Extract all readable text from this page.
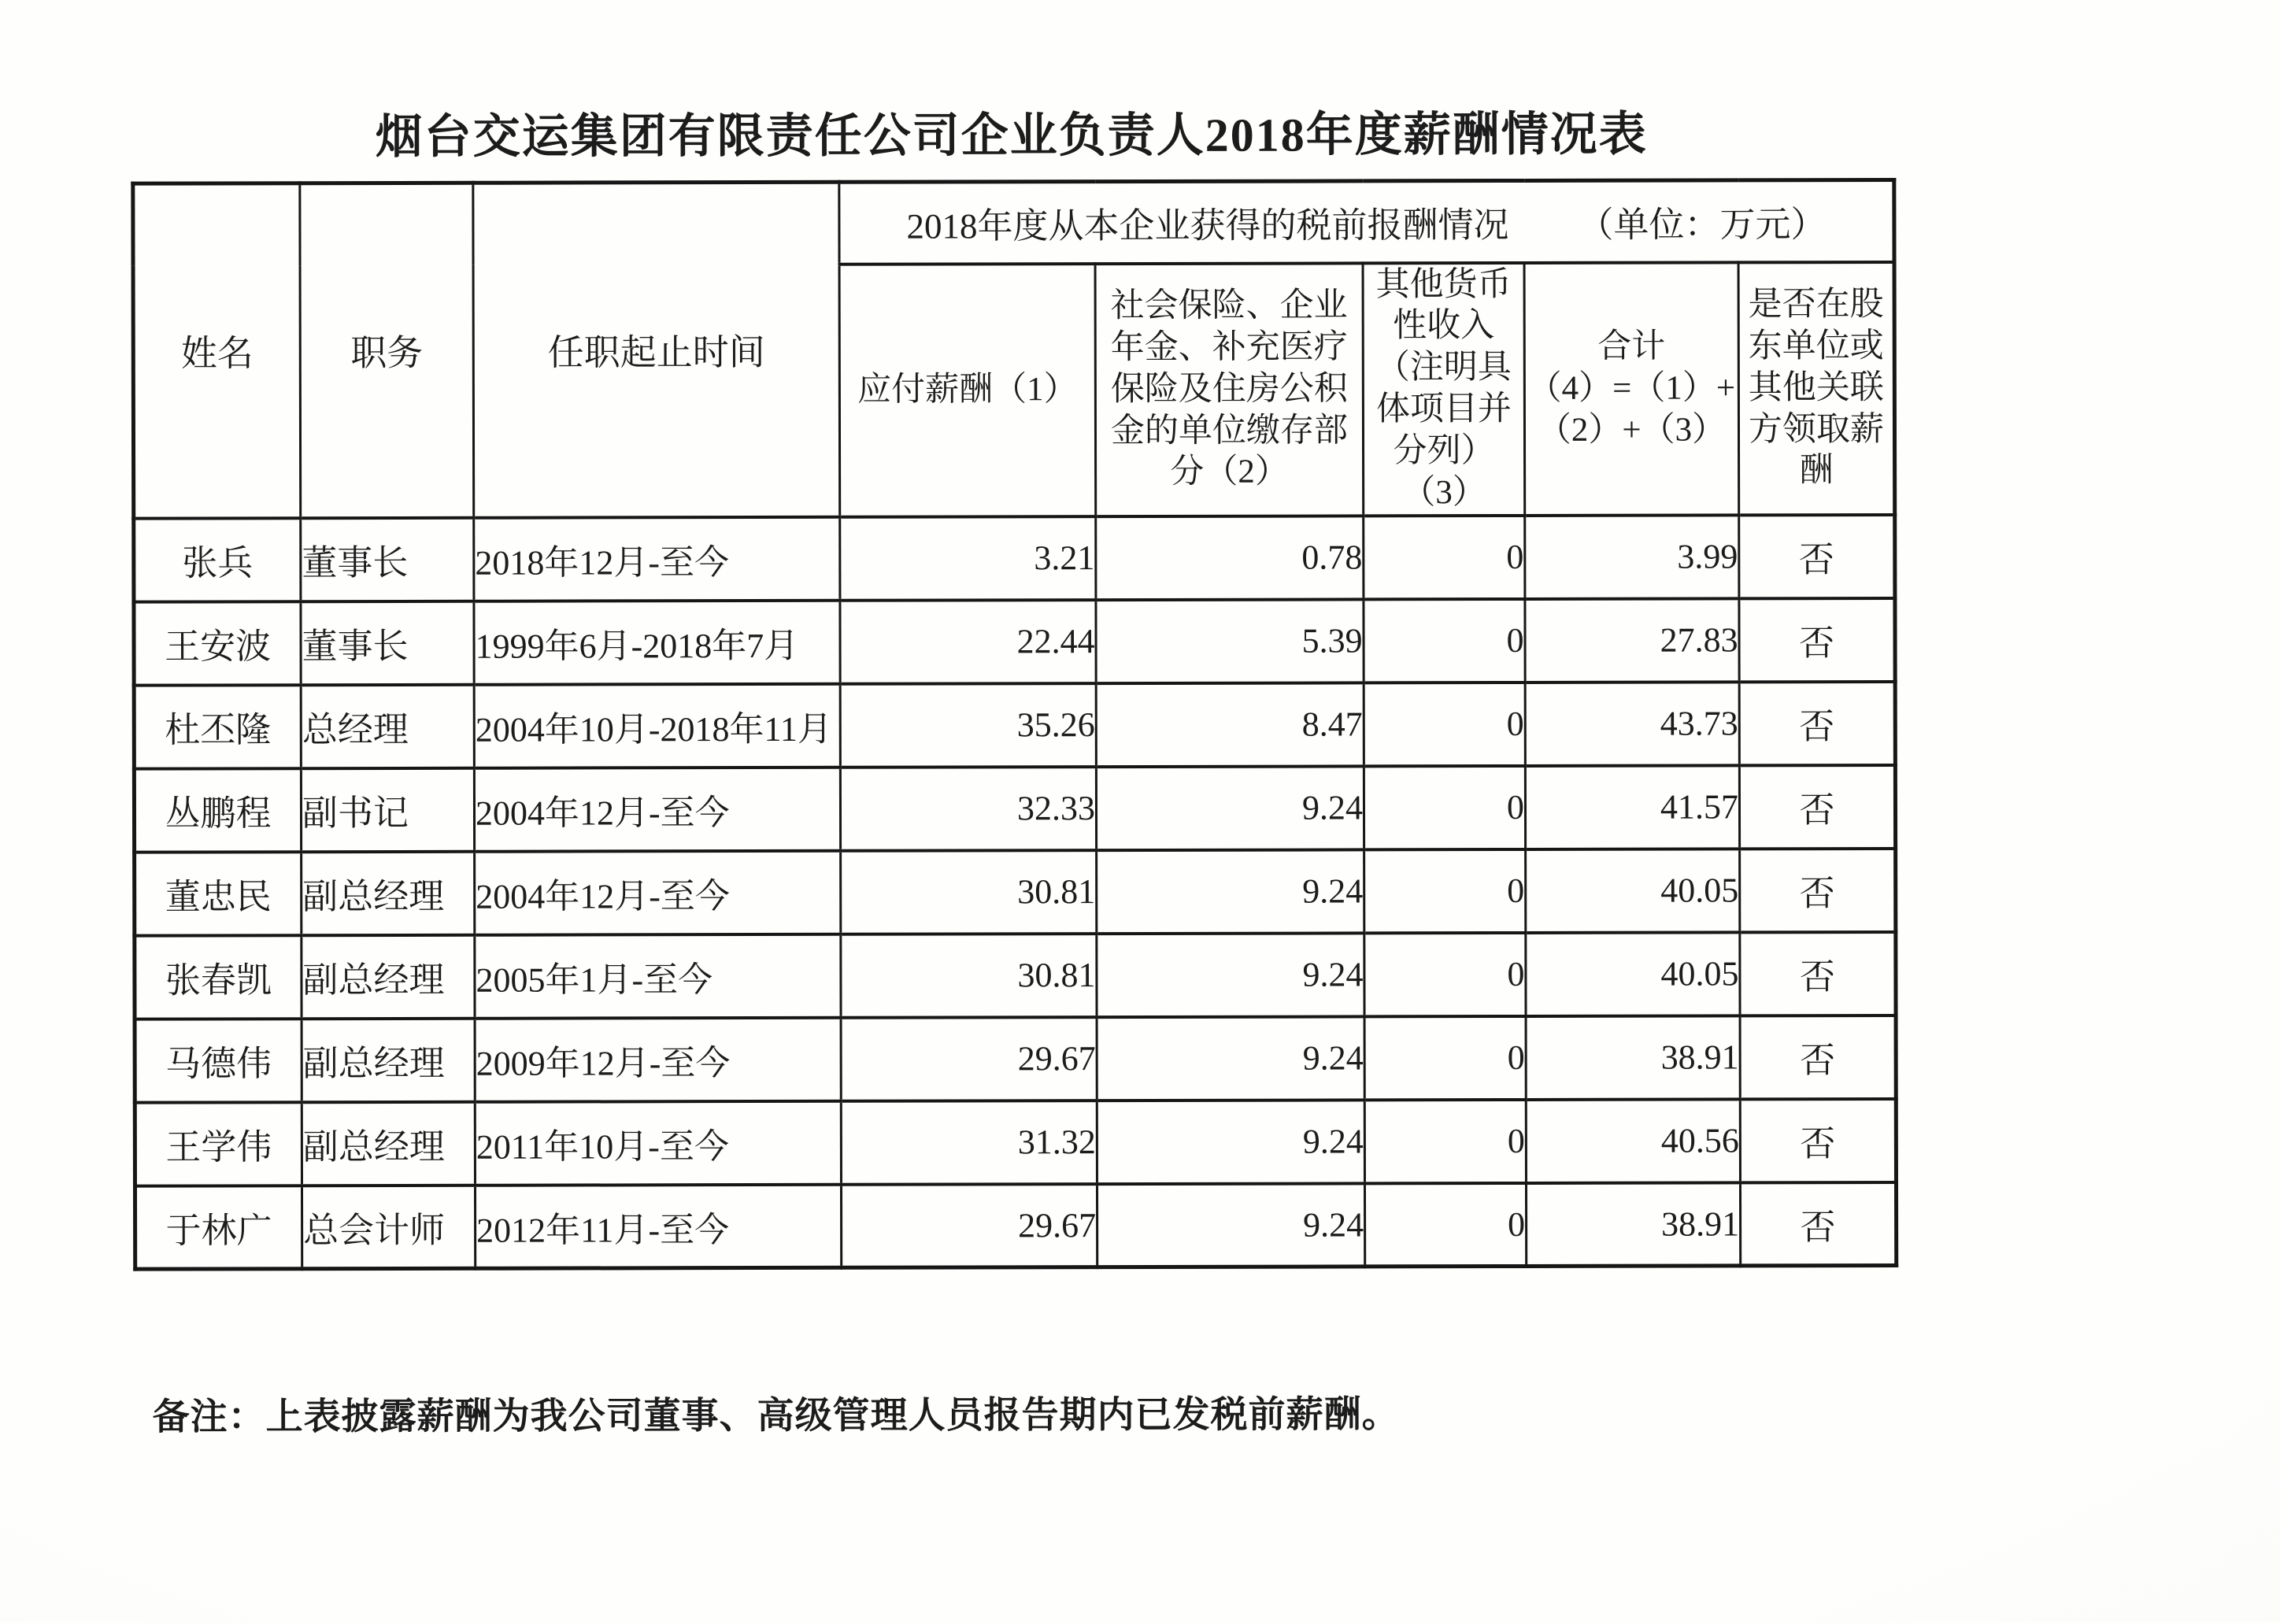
烟台交运集团有限责任公司企业负责人2018年度薪酬情况表
姓名	职务	任职起止时间	2018年度从本企业获得的税前报酬情况 （单位：万元）				
应付薪酬（1）	社会保险、企业
年金、补充医疗
保险及住房公积
金的单位缴存部
分（2）	其他货币
性收入
（注明具
体项目并
分列）
（3）	合计
（4）=（1）+
（2）+（3）	是否在股
东单位或
其他关联
方领取薪
酬
张兵	董事长	2018年12月-至今	3.21	0.78	0	3.99	否
王安波	董事长	1999年6月-2018年7月	22.44	5.39	0	27.83	否
杜丕隆	总经理	2004年10月-2018年11月	35.26	8.47	0	43.73	否
丛鹏程	副书记	2004年12月-至今	32.33	9.24	0	41.57	否
董忠民	副总经理	2004年12月-至今	30.81	9.24	0	40.05	否
张春凯	副总经理	2005年1月-至今	30.81	9.24	0	40.05	否
马德伟	副总经理	2009年12月-至今	29.67	9.24	0	38.91	否
王学伟	副总经理	2011年10月-至今	31.32	9.24	0	40.56	否
于林广	总会计师	2012年11月-至今	29.67	9.24	0	38.91	否
备注：上表披露薪酬为我公司董事、高级管理人员报告期内已发税前薪酬。
